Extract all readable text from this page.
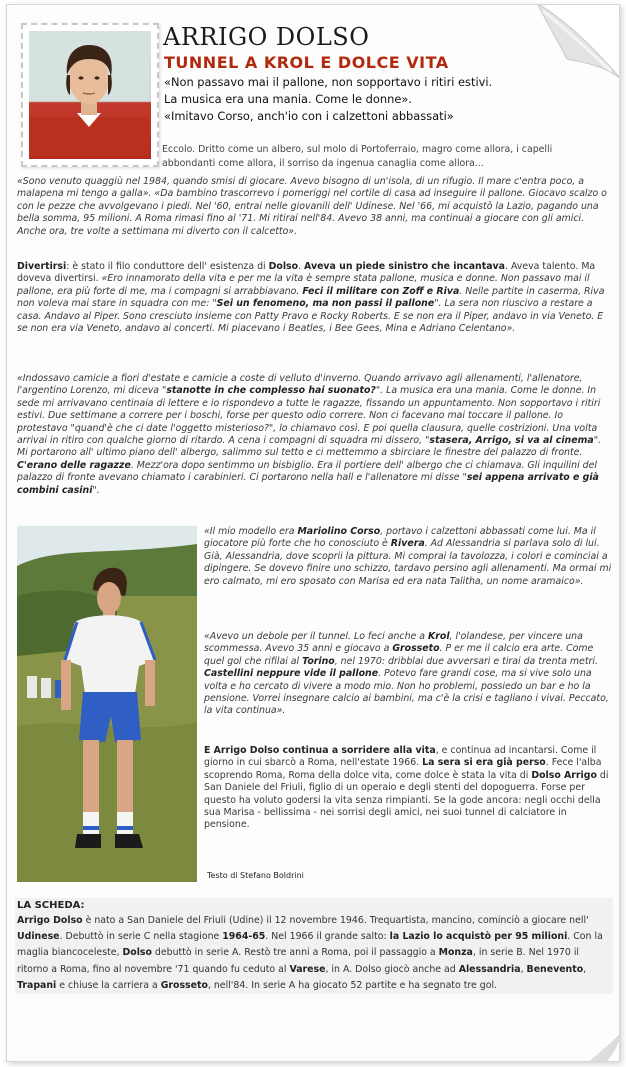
ARRIGO DOLSO
TUNNEL A KROL E DOLCE VITA
«Non passavo mai il pallone, non sopportavo i ritiri estivi.
La musica era una mania. Come le donne».
«Imitavo Corso, anch'io con i calzettoni abbassati»
Eccolo. Dritto come un albero, sul molo di Portoferraio, magro come allora, i capelli abbondanti come allora, il sorriso da ingenua canaglia come allora...
«Sono venuto quaggiù nel 1984, quando smisi di giocare. Avevo bisogno di un'isola, di un rifugio. Il mare c'entra poco, a malapena mi tengo a galla». «Da bambino trascorrevo i pomeriggi nel cortile di casa ad inseguire il pallone. Giocavo scalzo o con le pezze che avvolgevano i piedi. Nel '60, entrai nelle giovanili dell' Udinese. Nel '66, mi acquistò la Lazio, pagando una bella somma, 95 milioni. A Roma rimasi fino al '71. Mi ritirai nell'84. Avevo 38 anni, ma continuai a giocare con gli amici. Anche ora, tre volte a settimana mi diverto con il calcetto».
Divertirsi: è stato il filo conduttore dell' esistenza di Dolso. Aveva un piede sinistro che incantava. Aveva talento. Ma doveva divertirsi. «Ero innamorato della vita e per me la vita è sempre stata pallone, musica e donne. Non passavo mai il pallone, era più forte di me, ma i compagni si arrabbiavano. Feci il militare con Zoff e Riva. Nelle partite in caserma, Riva non voleva mai stare in squadra con me: "Sei un fenomeno, ma non passi il pallone". La sera non riuscivo a restare a casa. Andavo al Piper. Sono cresciuto insieme con Patty Pravo e Rocky Roberts. E se non era il Piper, andavo in via Veneto. E se non era via Veneto, andavo ai concerti. Mi piacevano i Beatles, i Bee Gees, Mina e Adriano Celentano».
«Indossavo camicie a fiori d'estate e camicie a coste di velluto d'inverno. Quando arrivavo agli allenamenti, l'allenatore, l'argentino Lorenzo, mi diceva "stanotte in che complesso hai suonato?". La musica era una mania. Come le donne. In sede mi arrivavano centinaia di lettere e io rispondevo a tutte le ragazze, fissando un appuntamento. Non sopportavo i ritiri estivi. Due settimane a correre per i boschi, forse per questo odio correre. Non ci facevano mai toccare il pallone. Io protestavo "quand'è che ci date l'oggetto misterioso?", lo chiamavo così. E poi quella clausura, quelle costrizioni. Una volta arrivai in ritiro con qualche giorno di ritardo. A cena i compagni di squadra mi dissero, "stasera, Arrigo, si va al cinema". Mi portarono all' ultimo piano dell' albergo, salimmo sul tetto e ci mettemmo a sbirciare le finestre del palazzo di fronte. C'erano delle ragazze. Mezz'ora dopo sentimmo un bisbiglio. Era il portiere dell' albergo che ci chiamava. Gli inquilini del palazzo di fronte avevano chiamato i carabinieri. Ci portarono nella hall e l'allenatore mi disse "sei appena arrivato e già combini casini".
«Il mio modello era Mariolino Corso, portavo i calzettoni abbassati come lui. Ma il giocatore più forte che ho conosciuto è Rivera. Ad Alessandria si parlava solo di lui. Già, Alessandria, dove scoprii la pittura. Mi comprai la tavolozza, i colori e cominciai a dipingere. Se dovevo finire uno schizzo, tardavo persino agli allenamenti. Ma ormai mi ero calmato, mi ero sposato con Marisa ed era nata Talitha, un nome aramaico».
«Avevo un debole per il tunnel. Lo feci anche a Krol, l'olandese, per vincere una scommessa. Avevo 35 anni e giocavo a Grosseto. P er me il calcio era arte. Come quel gol che rifilai al Torino, nel 1970: dribblai due avversari e tirai da trenta metri. Castellini neppure vide il pallone. Potevo fare grandi cose, ma si vive solo una volta e ho cercato di vivere a modo mio. Non ho problemi, possiedo un bar e ho la pensione. Vorrei insegnare calcio ai bambini, ma c'è la crisi e tagliano i vivai. Peccato, la vita continua».
E Arrigo Dolso continua a sorridere alla vita, e continua ad incantarsi. Come il giorno in cui sbarcò a Roma, nell'estate 1966. La sera si era già perso. Fece l'alba scoprendo Roma, Roma della dolce vita, come dolce è stata la vita di Dolso Arrigo di San Daniele del Friuli, figlio di un operaio e degli stenti del dopoguerra. Forse per questo ha voluto godersi la vita senza rimpianti. Se la gode ancora: negli occhi della sua Marisa - bellissima - nei sorrisi degli amici, nei suoi tunnel di calciatore in pensione.
Testo di Stefano Boldrini
LA SCHEDA:
Arrigo Dolso è nato a San Daniele del Friuli (Udine) il 12 novembre 1946. Trequartista, mancino, cominciò a giocare nell' Udinese. Debuttò in serie C nella stagione 1964-65. Nel 1966 il grande salto: la Lazio lo acquistò per 95 milioni. Con la maglia biancoceleste, Dolso debuttò in serie A. Restò tre anni a Roma, poi il passaggio a Monza, in serie B. Nel 1970 il ritorno a Roma, fino al novembre '71 quando fu ceduto al Varese, in A. Dolso giocò anche ad Alessandria, Benevento, Trapani e chiuse la carriera a Grosseto, nell'84. In serie A ha giocato 52 partite e ha segnato tre gol.
